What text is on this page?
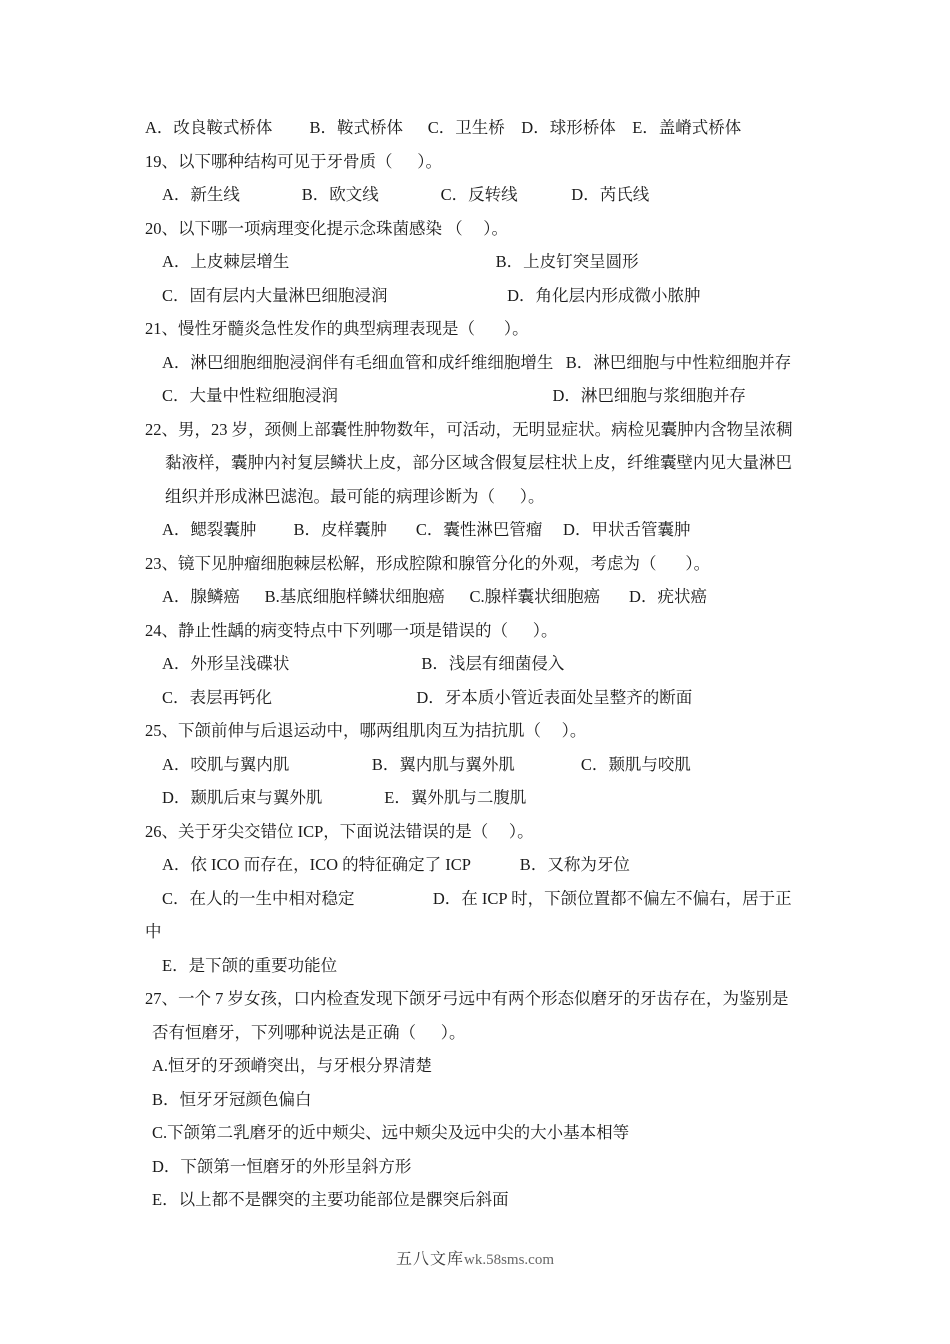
A．改良鞍式桥体         B．鞍式桥体      C．卫生桥    D．球形桥体    E．盖嵴式桥体
19、以下哪种结构可见于牙骨质（      ）。
A．新生线               B．欧文线               C．反转线             D．芮氏线
20、以下哪一项病理变化提示念珠菌感染 （     ）。
A．上皮棘层增生                                                  B．上皮钉突呈圆形
C．固有层内大量淋巴细胞浸润                             D．角化层内形成微小脓肿
21、慢性牙髓炎急性发作的典型病理表现是（       ）。
A．淋巴细胞细胞浸润伴有毛细血管和成纤维细胞增生   B．淋巴细胞与中性粒细胞并存
C．大量中性粒细胞浸润                                                    D．淋巴细胞与浆细胞并存
22、男，23 岁，颈侧上部囊性肿物数年，可活动，无明显症状。病检见囊肿内含物呈浓稠
黏液样，囊肿内衬复层鳞状上皮，部分区域含假复层柱状上皮，纤维囊壁内见大量淋巴
组织并形成淋巴滤泡。最可能的病理诊断为（      ）。
A．鳃裂囊肿         B．皮样囊肿       C．囊性淋巴管瘤     D．甲状舌管囊肿
23、镜下见肿瘤细胞棘层松解，形成腔隙和腺管分化的外观，考虑为（       ）。
A．腺鳞癌      B.基底细胞样鳞状细胞癌      C.腺样囊状细胞癌       D．疣状癌
24、静止性龋的病变特点中下列哪一项是错误的（      ）。
A．外形呈浅碟状                                B．浅层有细菌侵入
C．表层再钙化                                   D．牙本质小管近表面处呈整齐的断面
25、下颌前伸与后退运动中，哪两组肌肉互为拮抗肌（     ）。
A．咬肌与翼内肌                    B．翼内肌与翼外肌                C．颞肌与咬肌
D．颞肌后束与翼外肌               E．翼外肌与二腹肌
26、关于牙尖交错位 ICP，下面说法错误的是（     ）。
A．依 ICO 而存在，ICO 的特征确定了 ICP            B．又称为牙位
C．在人的一生中相对稳定                   D．在 ICP 时，下颌位置都不偏左不偏右，居于正
中
E．是下颌的重要功能位
27、一个 7 岁女孩，口内检查发现下颌牙弓远中有两个形态似磨牙的牙齿存在，为鉴别是
否有恒磨牙，下列哪种说法是正确（      ）。
A.恒牙的牙颈嵴突出，与牙根分界清楚
B．恒牙牙冠颜色偏白
C.下颌第二乳磨牙的近中颊尖、远中颊尖及远中尖的大小基本相等
D．下颌第一恒磨牙的外形呈斜方形
E．以上都不是髁突的主要功能部位是髁突后斜面
五八文库wk.58sms.com
